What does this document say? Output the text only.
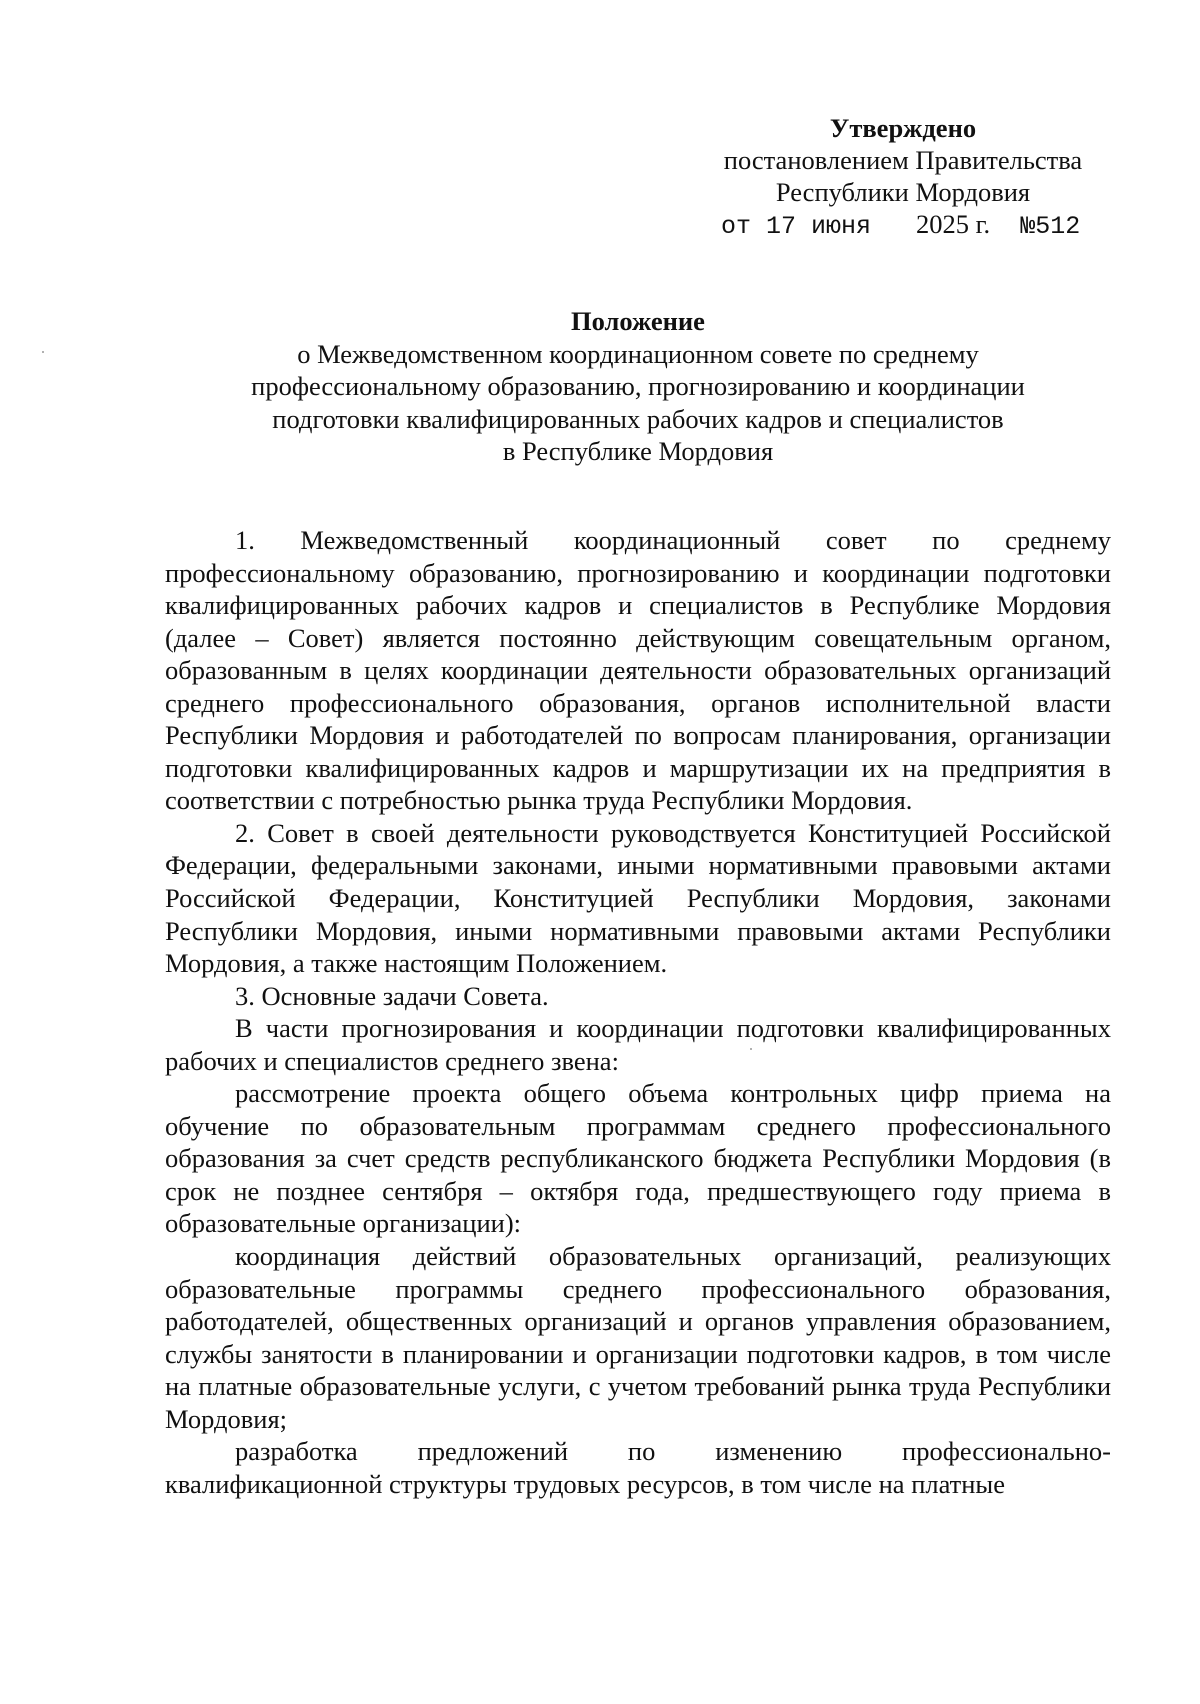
Утверждено
постановлением Правительства
Республики Мордовия
от 17 июня 2025 г. №512
Положение
о Межведомственном координационном совете по среднему
профессиональному образованию, прогнозированию и координации
подготовки квалифицированных рабочих кадров и специалистов
в Республике Мордовия

1. Межведомственный координационный совет по среднему профессиональному образованию, прогнозированию и координации подготовки квалифицированных рабочих кадров и специалистов в Республике Мордовия (далее – Совет) является постоянно действующим совещательным органом, образованным в целях координации деятельности образовательных организаций среднего профессионального образования, органов исполнительной власти Республики Мордовия и работодателей по вопросам планирования, организации подготовки квалифицированных кадров и маршрутизации их на предприятия в соответствии с потребностью рынка труда Республики Мордовия.

2. Совет в своей деятельности руководствуется Конституцией Российской Федерации, федеральными законами, иными нормативными правовыми актами Российской Федерации, Конституцией Республики Мордовия, законами Республики Мордовия, иными нормативными правовыми актами Республики Мордовия, а также настоящим Положением.

3. Основные задачи Совета.

В части прогнозирования и координации подготовки квалифицированных рабочих и специалистов среднего звена:

рассмотрение проекта общего объема контрольных цифр приема на обучение по образовательным программам среднего профессионального образования за счет средств республиканского бюджета Республики Мордовия (в срок не позднее сентября – октября года, предшествующего году приема в образовательные организации):

координация действий образовательных организаций, реализующих образовательные программы среднего профессионального образования, работодателей, общественных организаций и органов управления образованием, службы занятости в планировании и организации подготовки кадров, в том числе на платные образовательные услуги, с учетом требований рынка труда Республики Мордовия;

разработка предложений по изменению профессионально-квалификационной структуры трудовых ресурсов, в том числе на платные
